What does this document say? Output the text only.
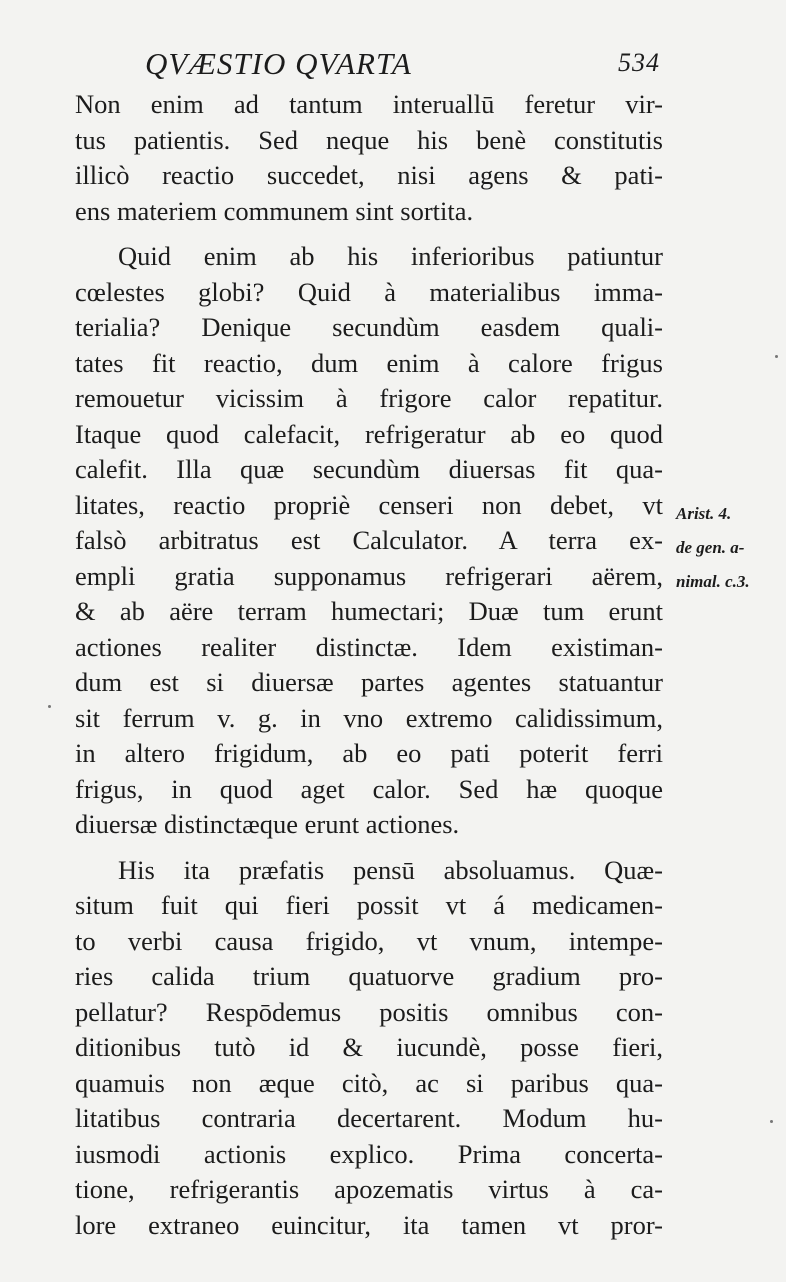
QVÆSTIO QVARTA	534
Non enim ad tantum interuallū feretur vir-
tus patientis. Sed neque his benè constitutis
illicò reactio succedet, nisi agens & pati-
ens materiem communem sint sortita.
Quid enim ab his inferioribus patiuntur
cœlestes globi? Quid à materialibus imma-
terialia? Denique secundùm easdem quali-
tates fit reactio, dum enim à calore frigus
remouetur vicissim à frigore calor repatitur.
Itaque quod calefacit, refrigeratur ab eo quod
calefit. Illa quæ secundùm diuersas fit qua-
litates, reactio propriè censeri non debet, vt
falsò arbitratus est Calculator. A terra ex-
empli gratia supponamus refrigerari aërem,
& ab aëre terram humectari; Duæ tum erunt
actiones realiter distinctæ. Idem existiman-
dum est si diuersæ partes agentes statuantur
sit ferrum v. g. in vno extremo calidissimum,
in altero frigidum, ab eo pati poterit ferri
frigus, in quod aget calor. Sed hæ quoque
diuersæ distinctæque erunt actiones.
His ita præfatis pensū absoluamus. Quæ-
situm fuit qui fieri possit vt á medicamen-
to verbi causa frigido, vt vnum, intempe-
ries calida trium quatuorve gradium pro-
pellatur? Respōdemus positis omnibus con-
ditionibus tutò id & iucundè, posse fieri,
quamuis non æque citò, ac si paribus qua-
litatibus contraria decertarent. Modum hu-
iusmodi actionis explico. Prima concerta-
tione, refrigerantis apozematis virtus à ca-
lore extraneo euincitur, ita tamen vt pror-
Arist. 4.
de gen. a-
nimal. c.3.
